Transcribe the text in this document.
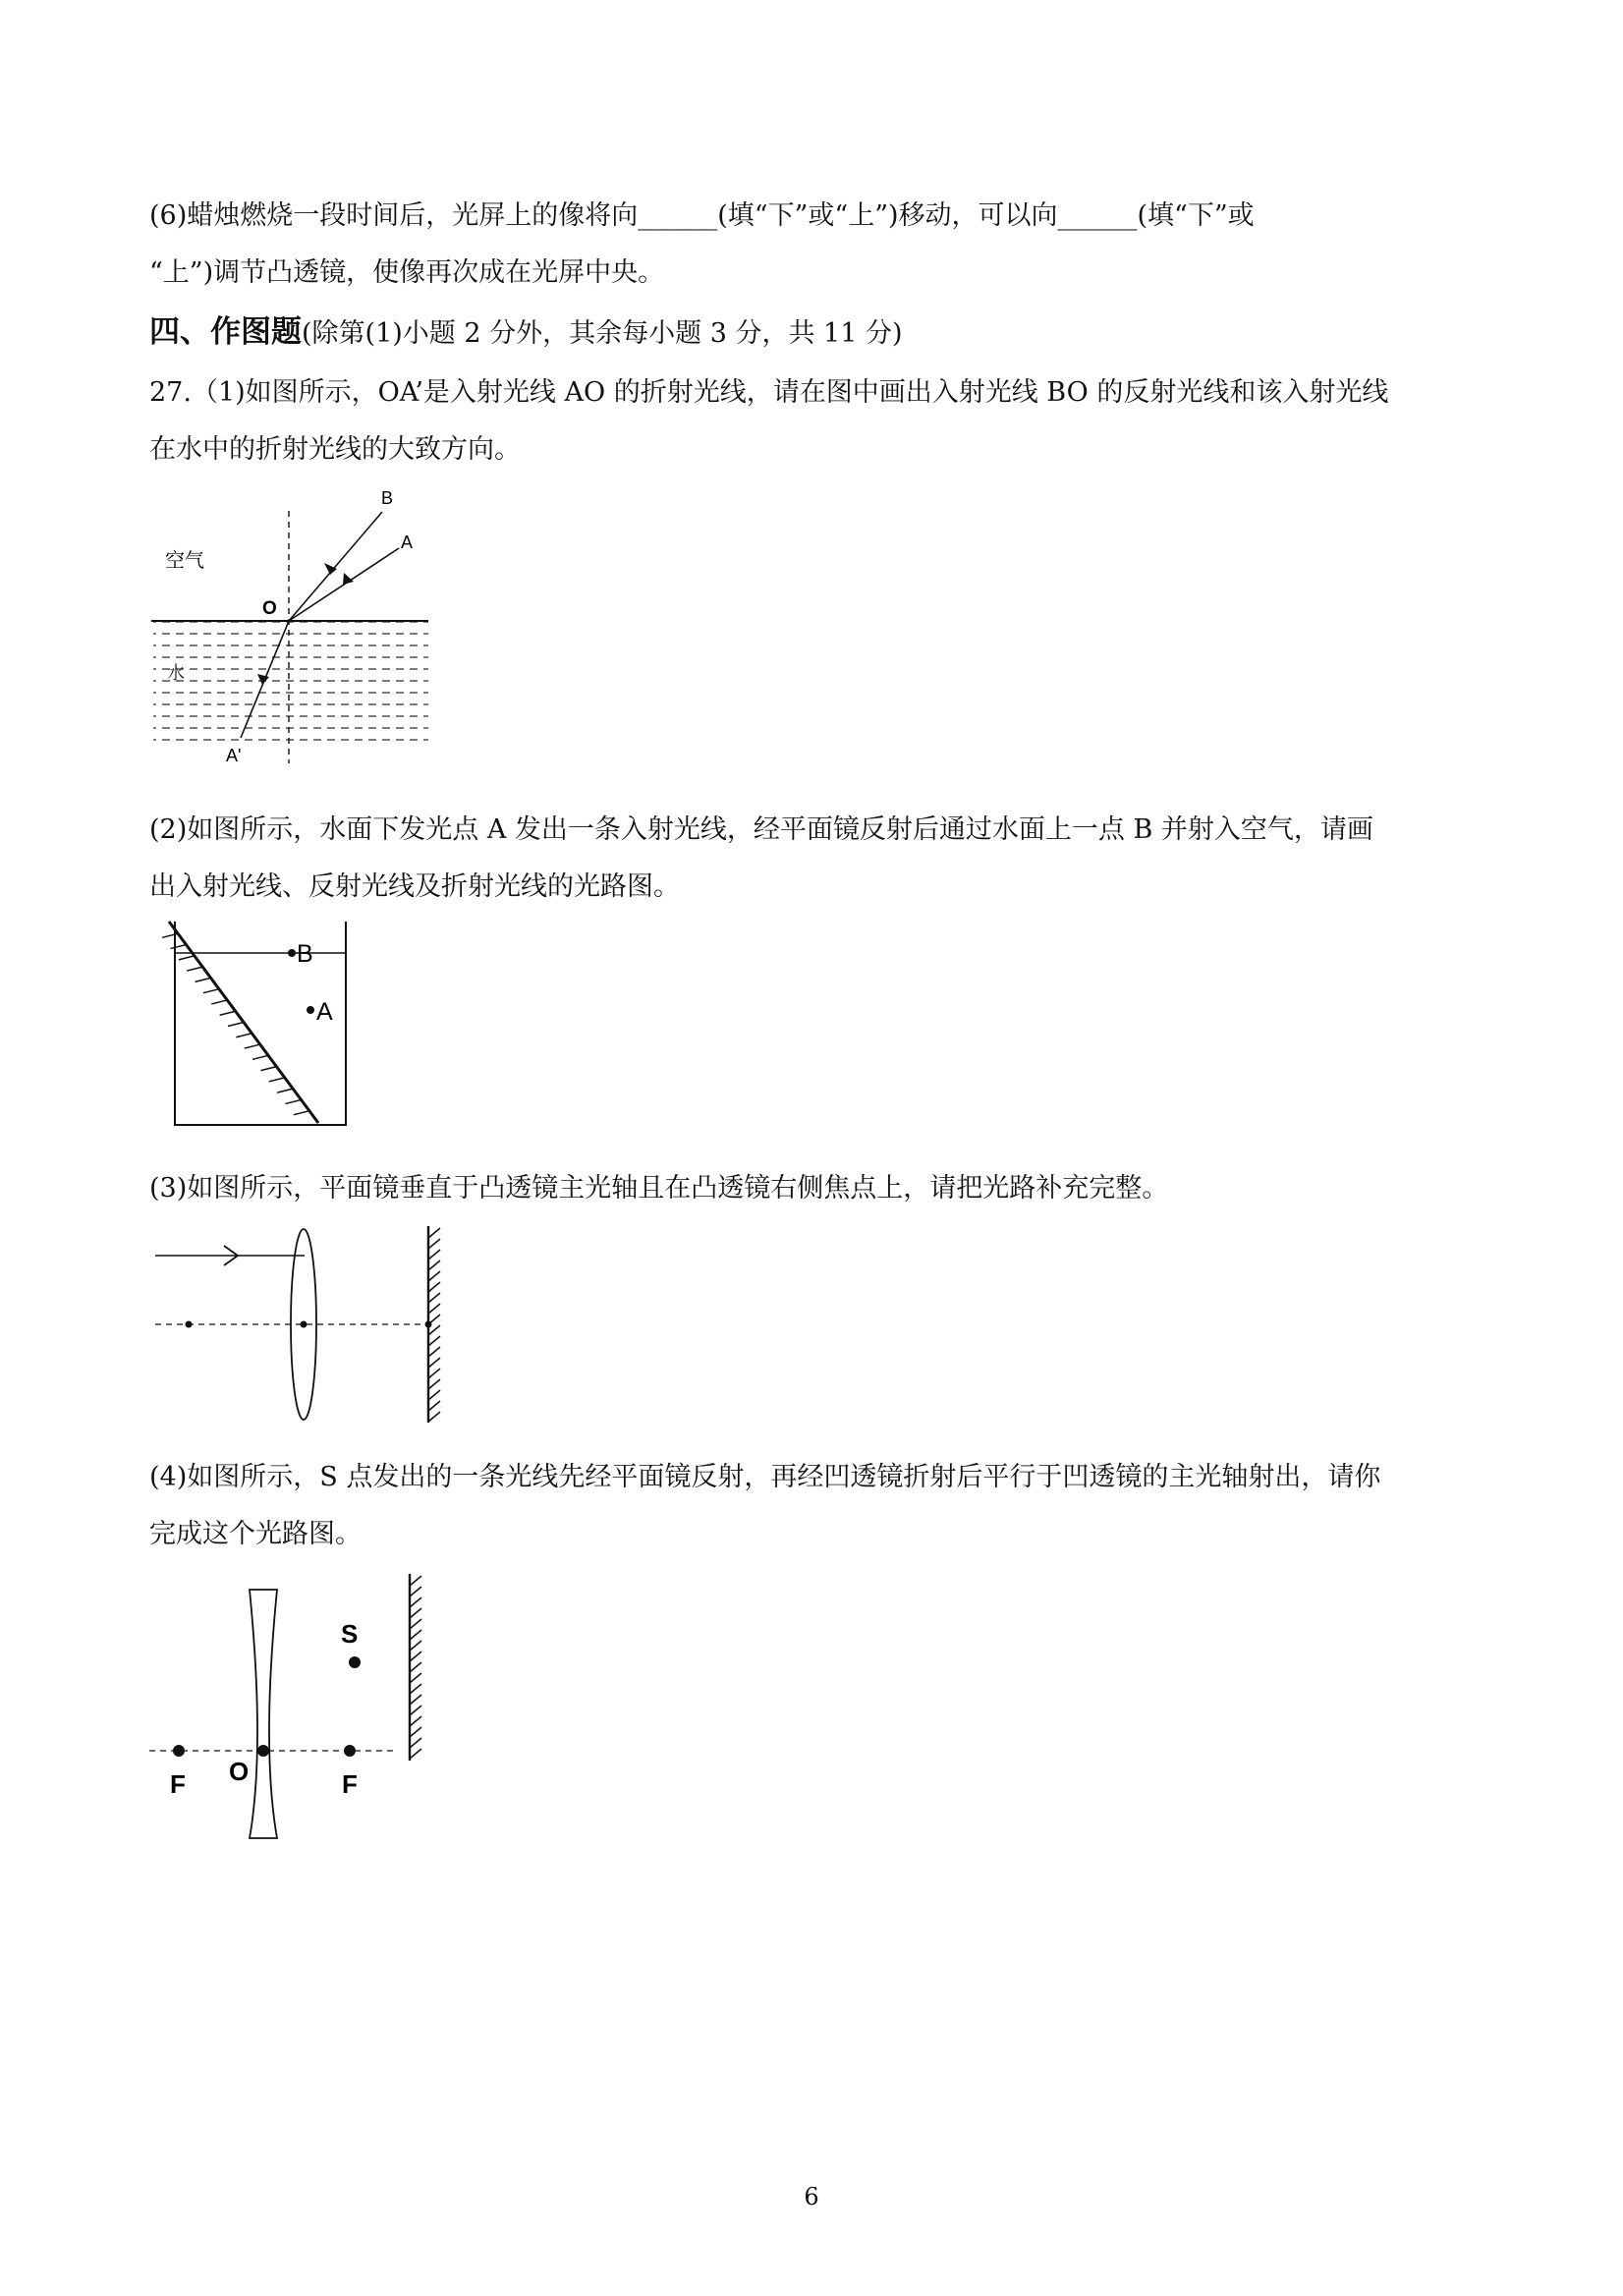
(6)蜡烛燃烧一段时间后，光屏上的像将向______(填“下”或“上”)移动，可以向______(填“下”或
“上”)调节凸透镜，使像再次成在光屏中央。
四、作图题(除第(1)小题 2 分外，其余每小题 3 分，共 11 分)
27.（1)如图所示，OA’是入射光线 AO 的折射光线，请在图中画出入射光线 BO 的反射光线和该入射光线
在水中的折射光线的大致方向。
空气
水
B
A
O
A'
(2)如图所示，水面下发光点 A 发出一条入射光线，经平面镜反射后通过水面上一点 B 并射入空气，请画
出入射光线、反射光线及折射光线的光路图。
B
A
(3)如图所示，平面镜垂直于凸透镜主光轴且在凸透镜右侧焦点上，请把光路补充完整。
(4)如图所示，S 点发出的一条光线先经平面镜反射，再经凹透镜折射后平行于凹透镜的主光轴射出，请你
完成这个光路图。
S
F O	F
6
